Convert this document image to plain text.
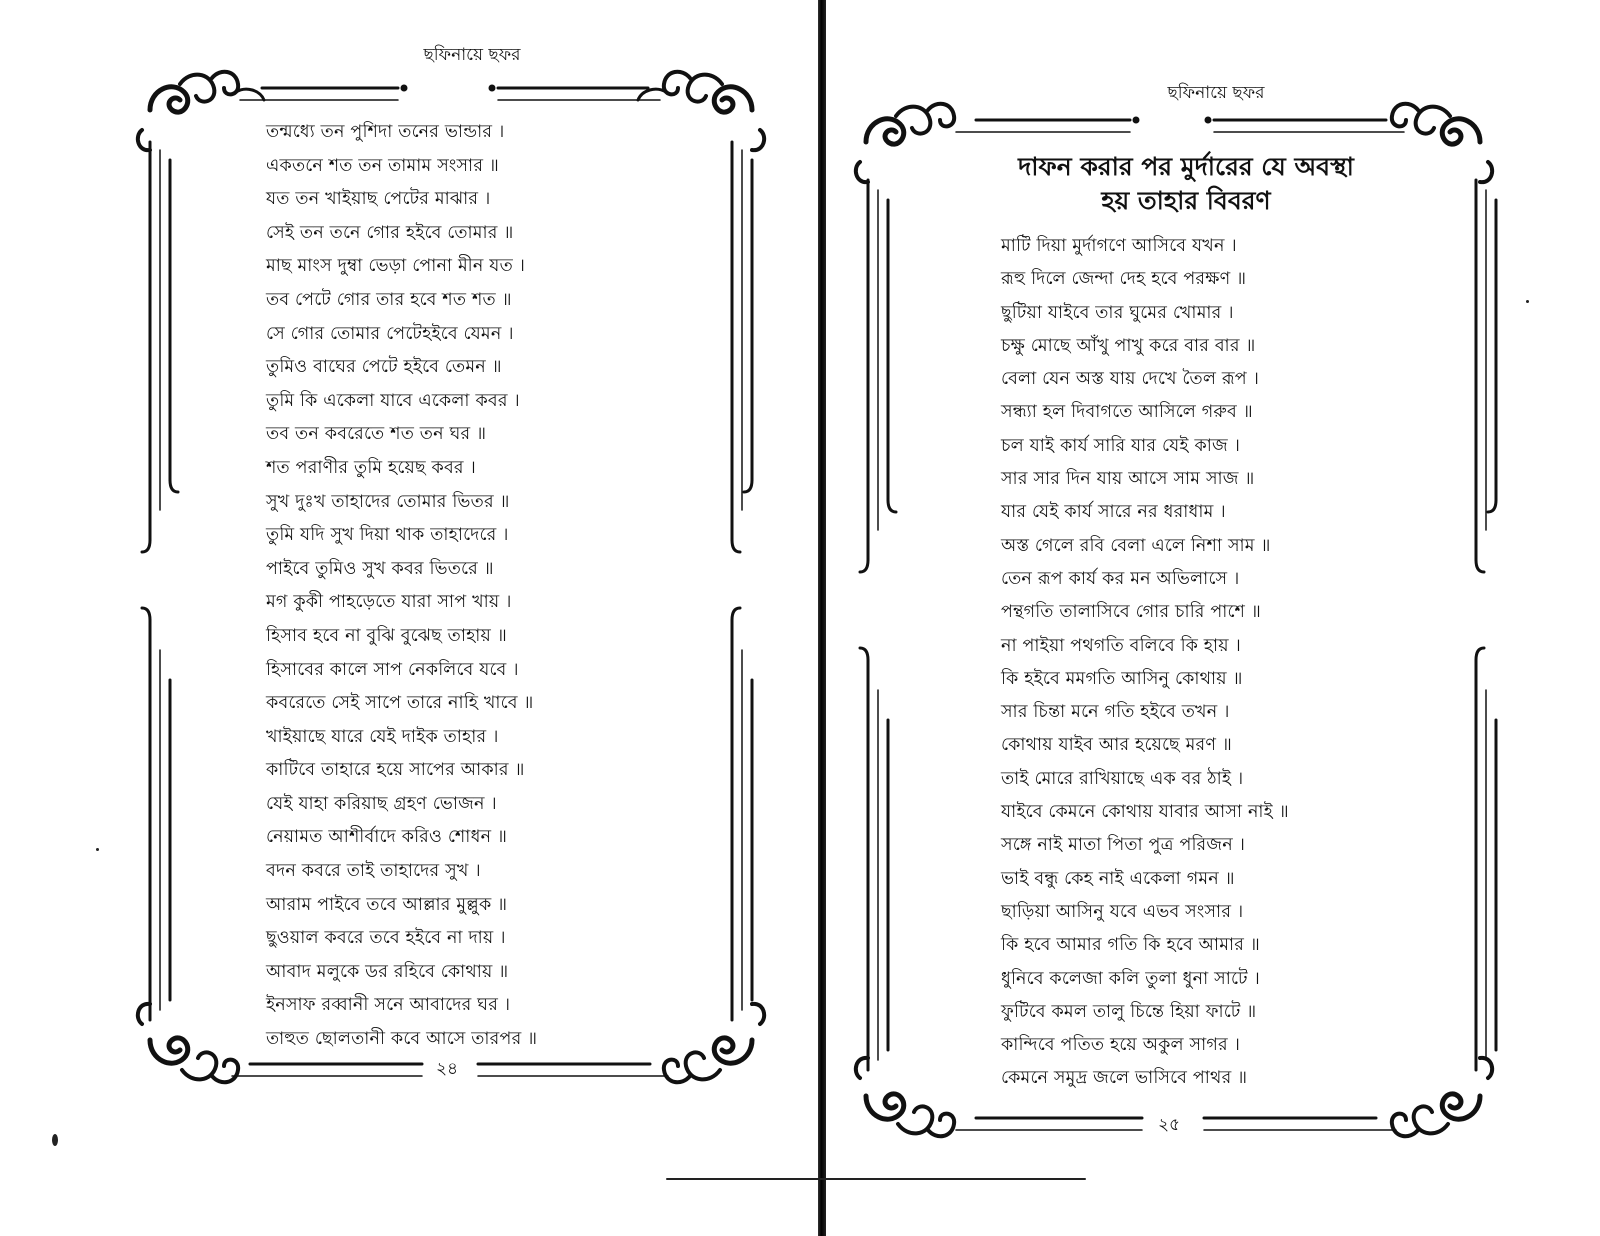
ছফিনায়ে ছফর
তন্মধ্যে তন পুশিদা তনের ভান্ডার ।
একতনে শত তন তামাম সংসার ॥
যত তন খাইয়াছ পেটের মাঝার ।
সেই তন তনে গোর হইবে তোমার ॥
মাছ মাংস দুম্বা ভেড়া পোনা মীন যত ।
তব পেটে গোর তার হবে শত শত ॥
সে গোর তোমার পেটেহইবে যেমন ।
তুমিও বাঘের পেটে হইবে তেমন ॥
তুমি কি একেলা যাবে একেলা কবর ।
তব তন কবরেতে শত তন ঘর ॥
শত পরাণীর তুমি হয়েছ কবর ।
সুখ দুঃখ তাহাদের তোমার ভিতর ॥
তুমি যদি সুখ দিয়া থাক তাহাদেরে ।
পাইবে তুমিও সুখ কবর ভিতরে ॥
মগ কুকী পাহড়েতে যারা সাপ খায় ।
হিসাব হবে না বুঝি বুঝেছ তাহায় ॥
হিসাবের কালে সাপ নেকলিবে যবে ।
কবরেতে সেই সাপে তারে নাহি খাবে ॥
খাইয়াছে যারে যেই দাইক তাহার ।
কাটিবে তাহারে হয়ে সাপের আকার ॥
যেই যাহা করিয়াছ গ্রহণ ভোজন ।
নেয়ামত আশীর্বাদে করিও শোধন ॥
বদন কবরে তাই তাহাদের সুখ ।
আরাম পাইবে তবে আল্লার মুল্লুক ॥
ছুওয়াল কবরে তবে হইবে না দায় ।
আবাদ মলুকে ডর রহিবে কোথায় ॥
ইনসাফ রব্বানী সনে আবাদের ঘর ।
তাহুত ছোলতানী কবে আসে তারপর ॥
২৪
ছফিনায়ে ছফর
দাফন করার পর মুর্দারের যে অবস্থা
হয় তাহার বিবরণ
মাটি দিয়া মুর্দাগণে আসিবে যখন ।
রূহু দিলে জেন্দা দেহ হবে পরক্ষণ ॥
ছুটিয়া যাইবে তার ঘুমের খোমার ।
চক্ষু মোছে আঁখু পাখু করে বার বার ॥
বেলা যেন অস্ত যায় দেখে তৈল রূপ ।
সন্ধ্যা হল দিবাগতে আসিলে গরুব ॥
চল যাই কার্য সারি যার যেই কাজ ।
সার সার দিন যায় আসে সাম সাজ ॥
যার যেই কার্য সারে নর ধরাধাম ।
অস্ত গেলে রবি বেলা এলে নিশা সাম ॥
তেন রূপ কার্য কর মন অভিলাসে ।
পন্থগতি তালাসিবে গোর চারি পাশে ॥
না পাইয়া পথগতি বলিবে কি হায় ।
কি হইবে মমগতি আসিনু কোথায় ॥
সার চিন্তা মনে গতি হইবে তখন ।
কোথায় যাইব আর হয়েছে মরণ ॥
তাই মোরে রাখিয়াছে এক বর ঠাই ।
যাইবে কেমনে কোথায় যাবার আসা নাই ॥
সঙ্গে নাই মাতা পিতা পুত্র পরিজন ।
ভাই বন্ধু কেহ নাই একেলা গমন ॥
ছাড়িয়া আসিনু যবে এভব সংসার ।
কি হবে আমার গতি কি হবে আমার ॥
ধুনিবে কলেজা কলি তুলা ধুনা সাটে ।
ফুটিবে কমল তালু চিন্তে হিয়া ফাটে ॥
কান্দিবে পতিত হয়ে অকুল সাগর ।
কেমনে সমুদ্র জলে ভাসিবে পাথর ॥
২৫
